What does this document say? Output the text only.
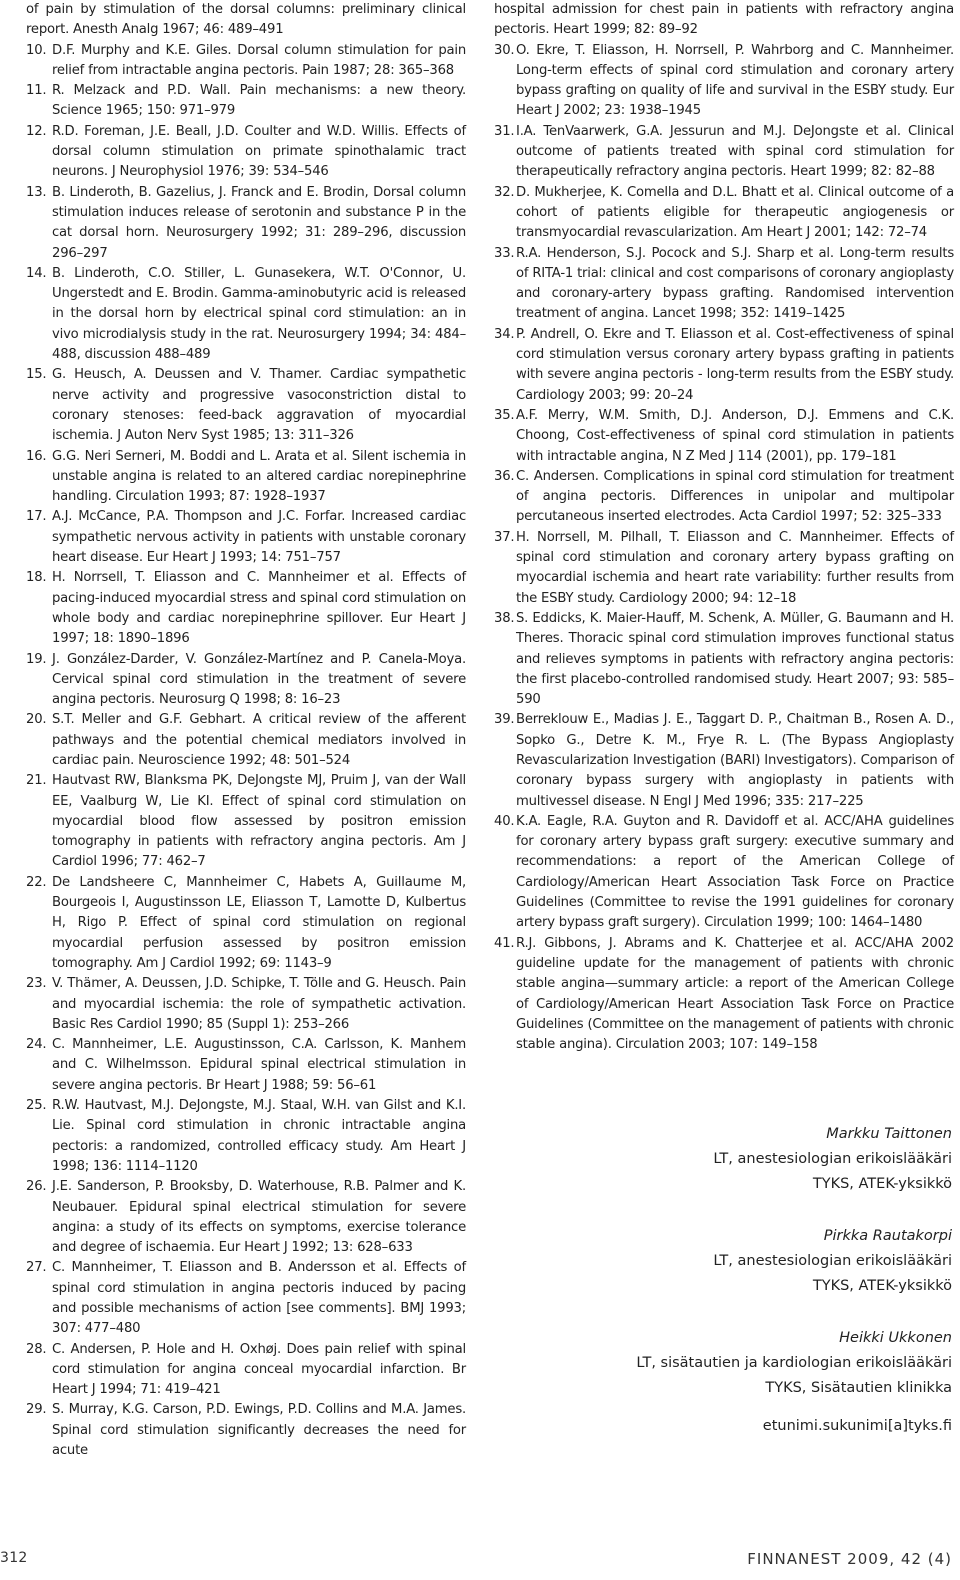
of pain by stimulation of the dorsal columns: preliminary clinical report. Anesth Analg 1967; 46: 489–491
10. D.F. Murphy and K.E. Giles. Dorsal column stimulation for pain relief from intractable angina pectoris. Pain 1987; 28: 365–368
11. R. Melzack and P.D. Wall. Pain mechanisms: a new theory. Science 1965; 150: 971–979
12. R.D. Foreman, J.E. Beall, J.D. Coulter and W.D. Willis. Effects of dorsal column stimulation on primate spinothalamic tract neurons. J Neurophysiol 1976; 39: 534–546
13. B. Linderoth, B. Gazelius, J. Franck and E. Brodin, Dorsal column stimulation induces release of serotonin and substance P in the cat dorsal horn. Neurosurgery 1992; 31: 289–296, discussion 296–297
14. B. Linderoth, C.O. Stiller, L. Gunasekera, W.T. O'Connor, U. Ungerstedt and E. Brodin. Gamma-aminobutyric acid is released in the dorsal horn by electrical spinal cord stimulation: an in vivo microdialysis study in the rat. Neurosurgery 1994; 34: 484–488, discussion 488–489
15. G. Heusch, A. Deussen and V. Thamer. Cardiac sympathetic nerve activity and progressive vasoconstriction distal to coronary stenoses: feed-back aggravation of myocardial ischemia. J Auton Nerv Syst 1985; 13: 311–326
16. G.G. Neri Serneri, M. Boddi and L. Arata et al. Silent ischemia in unstable angina is related to an altered cardiac norepinephrine handling. Circulation 1993; 87: 1928–1937
17. A.J. McCance, P.A. Thompson and J.C. Forfar. Increased cardiac sympathetic nervous activity in patients with unstable coronary heart disease. Eur Heart J 1993; 14: 751–757
18. H. Norrsell, T. Eliasson and C. Mannheimer et al. Effects of pacing-induced myocardial stress and spinal cord stimulation on whole body and cardiac norepinephrine spillover. Eur Heart J 1997; 18: 1890–1896
19. J. González-Darder, V. González-Martínez and P. Canela-Moya. Cervical spinal cord stimulation in the treatment of severe angina pectoris. Neurosurg Q 1998; 8: 16–23
20. S.T. Meller and G.F. Gebhart. A critical review of the afferent pathways and the potential chemical mediators involved in cardiac pain. Neuroscience 1992; 48: 501–524
21. Hautvast RW, Blanksma PK, DeJongste MJ, Pruim J, van der Wall EE, Vaalburg W, Lie KI. Effect of spinal cord stimulation on myocardial blood flow assessed by positron emission tomography in patients with refractory angina pectoris. Am J Cardiol 1996; 77: 462–7
22. De Landsheere C, Mannheimer C, Habets A, Guillaume M, Bourgeois I, Augustinsson LE, Eliasson T, Lamotte D, Kulbertus H, Rigo P. Effect of spinal cord stimulation on regional myocardial perfusion assessed by positron emission tomography. Am J Cardiol 1992; 69: 1143–9
23. V. Thämer, A. Deussen, J.D. Schipke, T. Tölle and G. Heusch. Pain and myocardial ischemia: the role of sympathetic activation. Basic Res Cardiol 1990; 85 (Suppl 1): 253–266
24. C. Mannheimer, L.E. Augustinsson, C.A. Carlsson, K. Manhem and C. Wilhelmsson. Epidural spinal electrical stimulation in severe angina pectoris. Br Heart J 1988; 59: 56–61
25. R.W. Hautvast, M.J. DeJongste, M.J. Staal, W.H. van Gilst and K.I. Lie. Spinal cord stimulation in chronic intractable angina pectoris: a randomized, controlled efficacy study. Am Heart J 1998; 136: 1114–1120
26. J.E. Sanderson, P. Brooksby, D. Waterhouse, R.B. Palmer and K. Neubauer. Epidural spinal electrical stimulation for severe angina: a study of its effects on symptoms, exercise tolerance and degree of ischaemia. Eur Heart J 1992; 13: 628–633
27. C. Mannheimer, T. Eliasson and B. Andersson et al. Effects of spinal cord stimulation in angina pectoris induced by pacing and possible mechanisms of action [see comments]. BMJ 1993; 307: 477–480
28. C. Andersen, P. Hole and H. Oxhøj. Does pain relief with spinal cord stimulation for angina conceal myocardial infarction. Br Heart J 1994; 71: 419–421
29. S. Murray, K.G. Carson, P.D. Ewings, P.D. Collins and M.A. James. Spinal cord stimulation significantly decreases the need for acute
hospital admission for chest pain in patients with refractory angina pectoris. Heart 1999; 82: 89–92
30. O. Ekre, T. Eliasson, H. Norrsell, P. Wahrborg and C. Mannheimer. Long-term effects of spinal cord stimulation and coronary artery bypass grafting on quality of life and survival in the ESBY study. Eur Heart J 2002; 23: 1938–1945
31. I.A. TenVaarwerk, G.A. Jessurun and M.J. DeJongste et al. Clinical outcome of patients treated with spinal cord stimulation for therapeutically refractory angina pectoris. Heart 1999; 82: 82–88
32. D. Mukherjee, K. Comella and D.L. Bhatt et al. Clinical outcome of a cohort of patients eligible for therapeutic angiogenesis or transmyocardial revascularization. Am Heart J 2001; 142: 72–74
33. R.A. Henderson, S.J. Pocock and S.J. Sharp et al. Long-term results of RITA-1 trial: clinical and cost comparisons of coronary angioplasty and coronary-artery bypass grafting. Randomised intervention treatment of angina. Lancet 1998; 352: 1419–1425
34. P. Andrell, O. Ekre and T. Eliasson et al. Cost-effectiveness of spinal cord stimulation versus coronary artery bypass grafting in patients with severe angina pectoris - long-term results from the ESBY study. Cardiology 2003; 99: 20–24
35. A.F. Merry, W.M. Smith, D.J. Anderson, D.J. Emmens and C.K. Choong, Cost-effectiveness of spinal cord stimulation in patients with intractable angina, N Z Med J 114 (2001), pp. 179–181
36. C. Andersen. Complications in spinal cord stimulation for treatment of angina pectoris. Differences in unipolar and multipolar percutaneous inserted electrodes. Acta Cardiol 1997; 52: 325–333
37. H. Norrsell, M. Pilhall, T. Eliasson and C. Mannheimer. Effects of spinal cord stimulation and coronary artery bypass grafting on myocardial ischemia and heart rate variability: further results from the ESBY study. Cardiology 2000; 94: 12–18
38. S. Eddicks, K. Maier-Hauff, M. Schenk, A. Müller, G. Baumann and H. Theres. Thoracic spinal cord stimulation improves functional status and relieves symptoms in patients with refractory angina pectoris: the first placebo-controlled randomised study. Heart 2007; 93: 585–590
39. Berreklouw E., Madias J. E., Taggart D. P., Chaitman B., Rosen A. D., Sopko G., Detre K. M., Frye R. L. (The Bypass Angioplasty Revascularization Investigation (BARI) Investigators). Comparison of coronary bypass surgery with angioplasty in patients with multivessel disease. N Engl J Med 1996; 335: 217–225
40. K.A. Eagle, R.A. Guyton and R. Davidoff et al. ACC/AHA guidelines for coronary artery bypass graft surgery: executive summary and recommendations: a report of the American College of Cardiology/American Heart Association Task Force on Practice Guidelines (Committee to revise the 1991 guidelines for coronary artery bypass graft surgery). Circulation 1999; 100: 1464–1480
41. R.J. Gibbons, J. Abrams and K. Chatterjee et al. ACC/AHA 2002 guideline update for the management of patients with chronic stable angina—summary article: a report of the American College of Cardiology/American Heart Association Task Force on Practice Guidelines (Committee on the management of patients with chronic stable angina). Circulation 2003; 107: 149–158
Markku Taittonen
LT, anestesiologian erikoislääkäri
TYKS, ATEK-yksikkö
Pirkka Rautakorpi
LT, anestesiologian erikoislääkäri
TYKS, ATEK-yksikkö
Heikki Ukkonen
LT, sisätautien ja kardiologian erikoislääkäri
TYKS, Sisätautien klinikka
etunimi.sukunimi[a]tyks.fi
312	FINNANEST 2009, 42 (4)
